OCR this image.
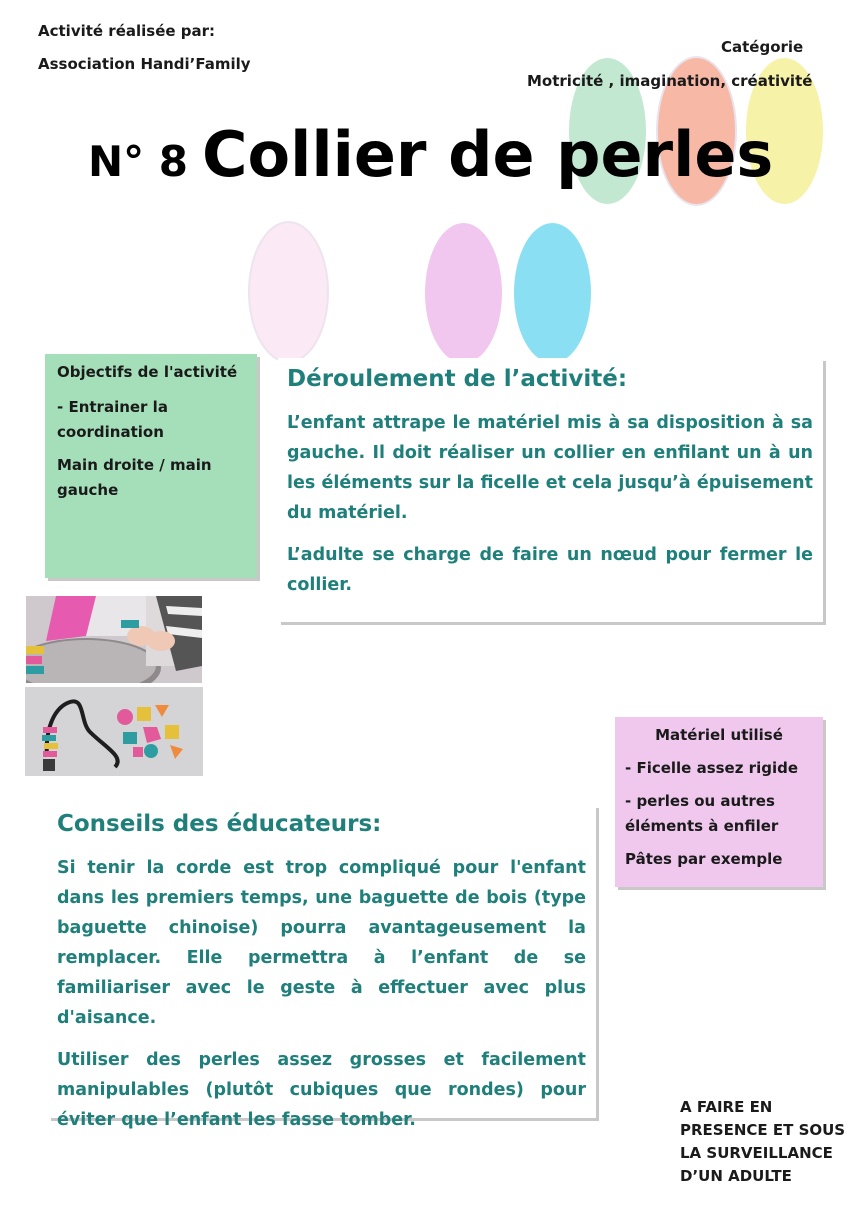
Activité réalisée par:
Association Handi’Family
Catégorie
Motricité , imagination, créativité
N° 8 Collier de perles
Objectifs de l'activité
- Entrainer la coordination
Main droite / main gauche
Déroulement de l’activité:

L’enfant attrape le matériel mis à sa disposition à sa gauche. Il doit réaliser un collier en enfilant un à un les éléments sur la ficelle et cela jusqu’à épuisement du matériel.

L’adulte se charge de faire un nœud pour fermer le collier.

Matériel utilisé
- Ficelle assez rigide
- perles ou autres éléments à enfiler
Pâtes par exemple
Conseils des éducateurs:

Si tenir la corde est trop compliqué pour l'enfant dans les premiers temps, une baguette de bois (type baguette chinoise) pourra avantageusement la remplacer. Elle permettra à l’enfant de se familiariser avec le geste à effectuer avec plus d'aisance.

Utiliser des perles assez grosses et facilement manipulables (plutôt cubiques que rondes) pour éviter que l’enfant les fasse tomber.

A FAIRE EN
PRESENCE ET SOUS
LA SURVEILLANCE
D’UN ADULTE
